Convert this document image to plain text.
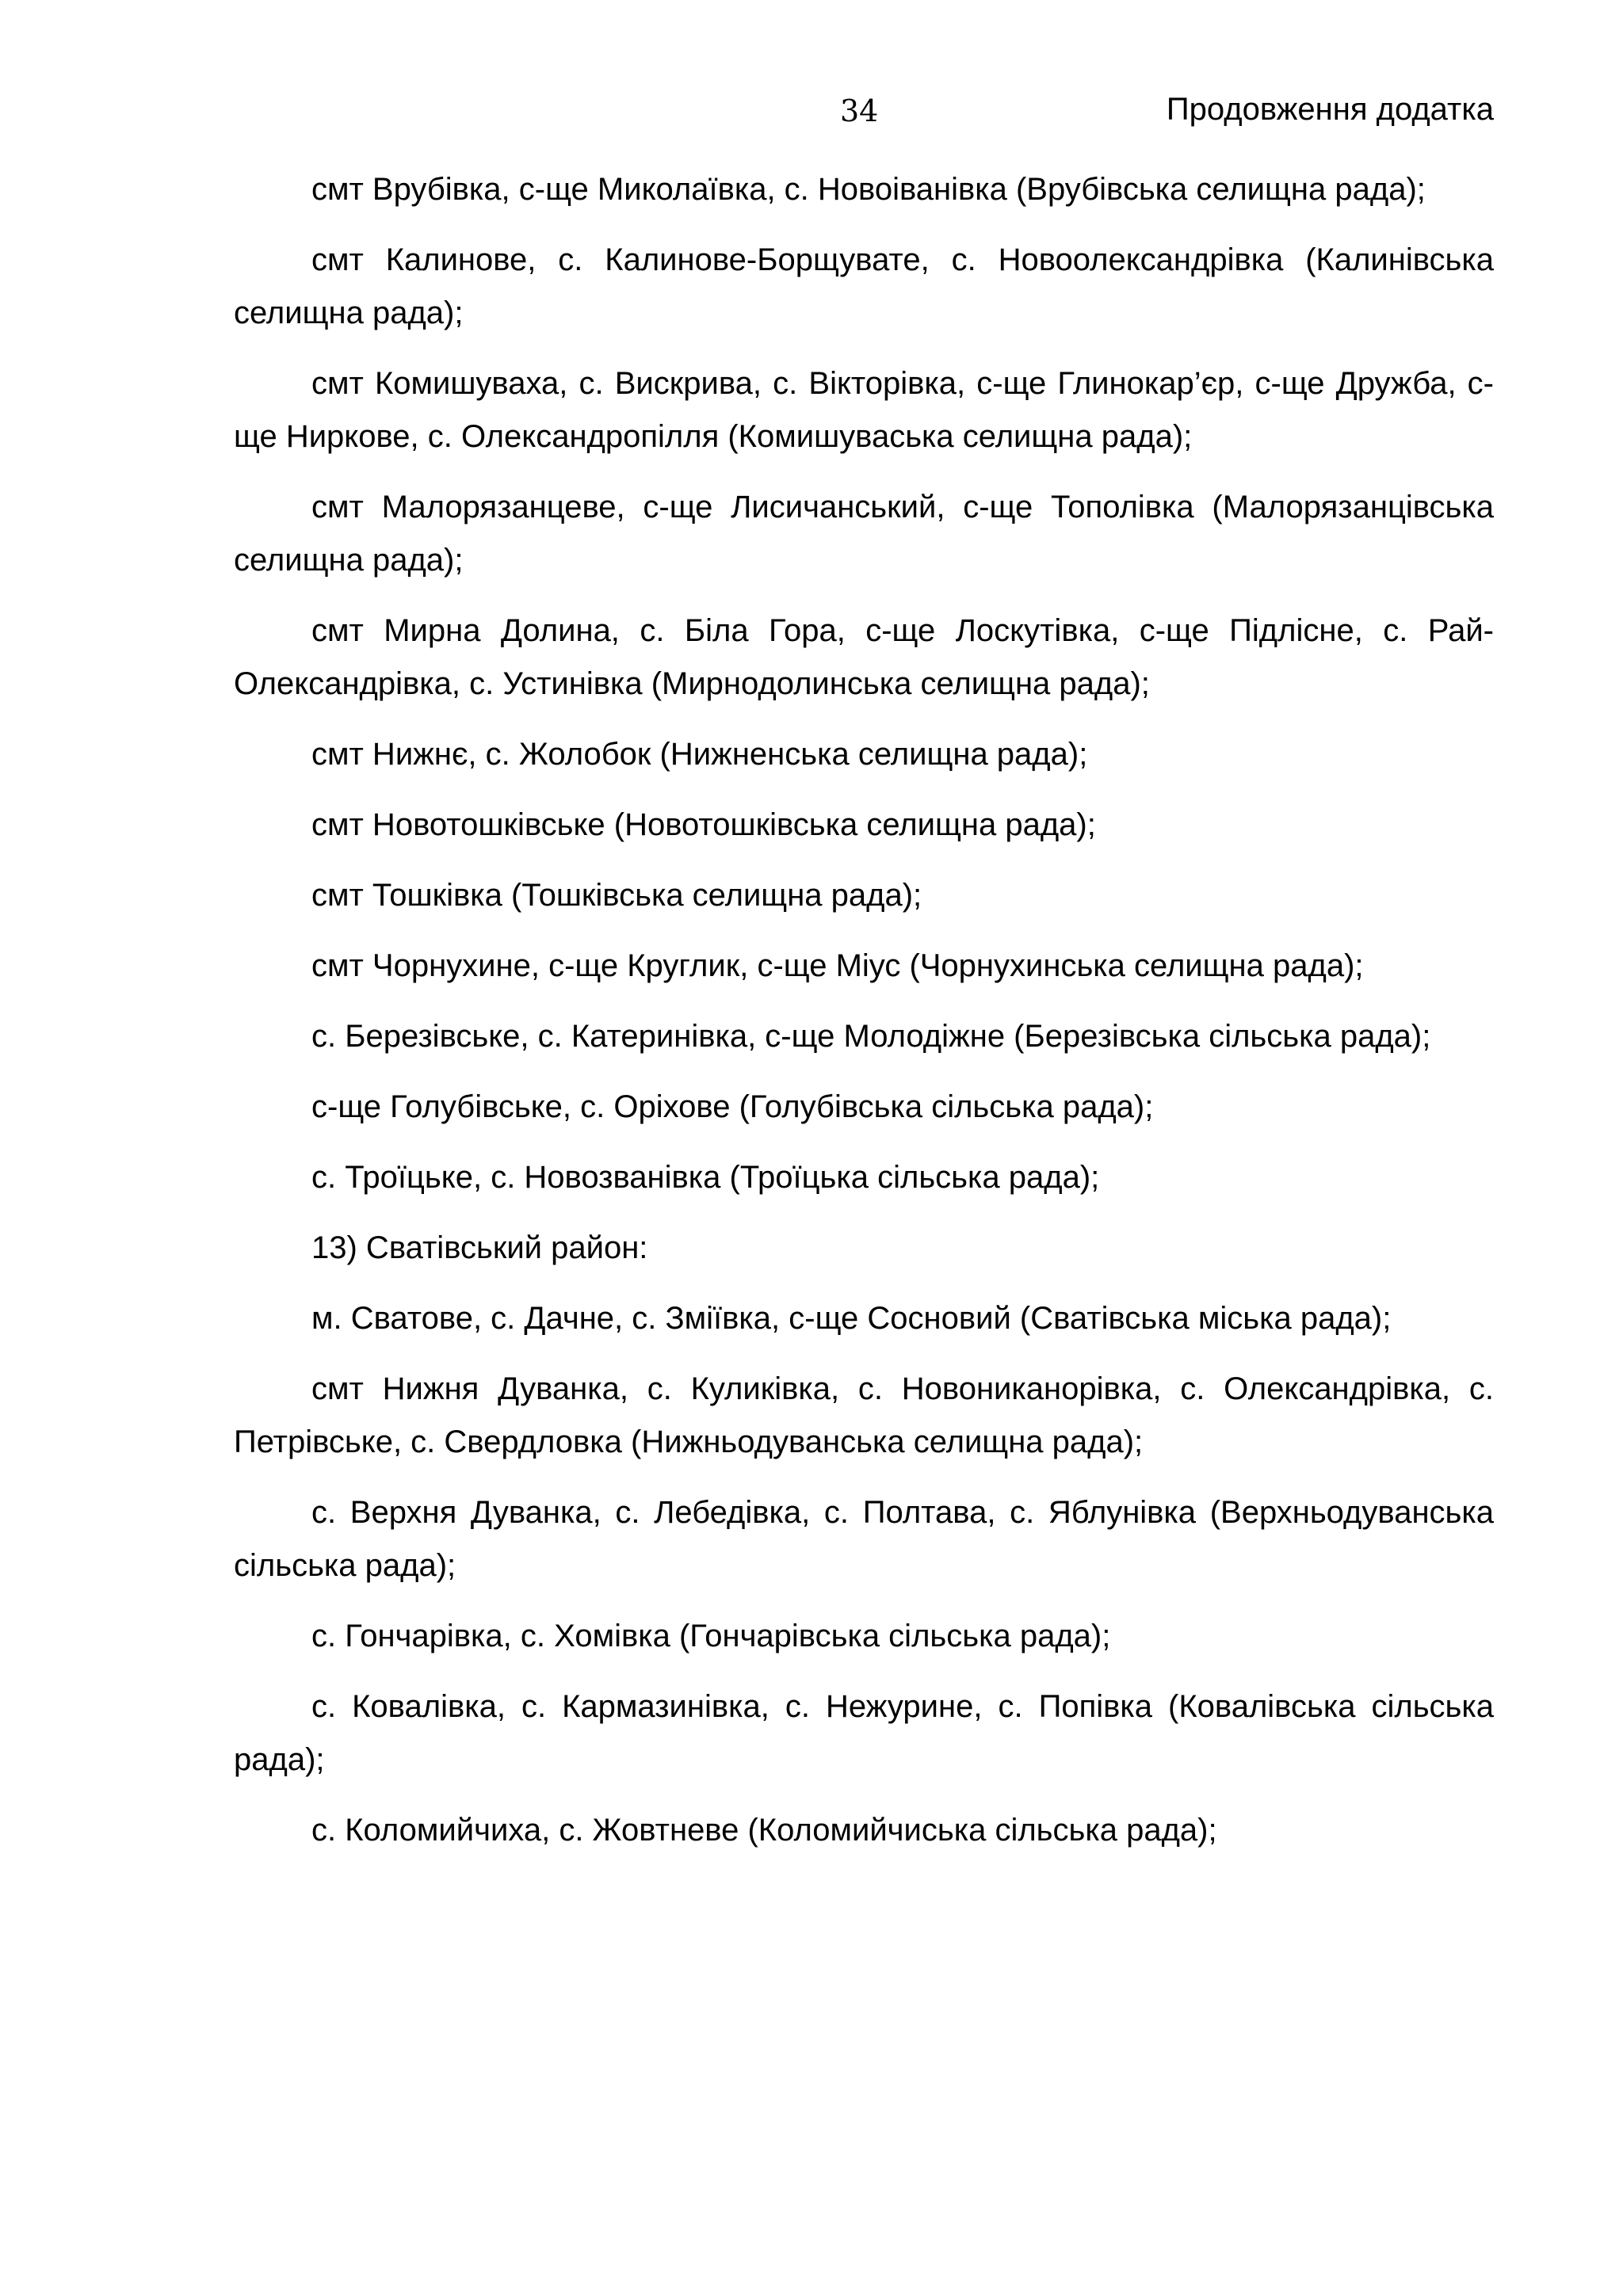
34	Продовження додатка

смт Врубівка, с-ще Миколаївка, с. Новоіванівка (Врубівська селищна рада);

смт Калинове, с. Калинове-Борщувате, с. Новоолександрівка (Калинівська селищна рада);

смт Комишуваха, с. Вискрива, с. Вікторівка, с-ще Глинокар’єр, с-ще Дружба, с-ще Ниркове, с. Олександропілля (Комишуваська селищна рада);

смт Малорязанцеве, с-ще Лисичанський, с-ще Тополівка (Малорязанцівська селищна рада);

смт Мирна Долина, с. Біла Гора, с-ще Лоскутівка, с-ще Підлісне, с. Рай-Олександрівка, с. Устинівка (Мирнодолинська селищна рада);

смт Нижнє, с. Жолобок (Нижненська селищна рада);

смт Новотошківське (Новотошківська селищна рада);

смт Тошківка (Тошківська селищна рада);

смт Чорнухине, с-ще Круглик, с-ще Міус (Чорнухинська селищна рада);

с. Березівське, с. Катеринівка, с-ще Молодіжне (Березівська сільська рада);

с-ще Голубівське, с. Оріхове (Голубівська сільська рада);

с. Троїцьке, с. Новозванівка (Троїцька сільська рада);

13) Сватівський район:

м. Сватове, с. Дачне, с. Зміївка, с-ще Сосновий (Сватівська міська рада);

смт Нижня Дуванка, с. Куликівка, с. Новониканорівка, с. Олександрівка, с. Петрівське, с. Свердловка (Нижньодуванська селищна рада);

с. Верхня Дуванка, с. Лебедівка, с. Полтава, с. Яблунівка (Верхньодуванська сільська рада);

с. Гончарівка, с. Хомівка (Гончарівська сільська рада);

с. Ковалівка, с. Кармазинівка, с. Нежурине, с. Попівка (Ковалівська сільська рада);

с. Коломийчиха, с. Жовтневе (Коломийчиська сільська рада);
